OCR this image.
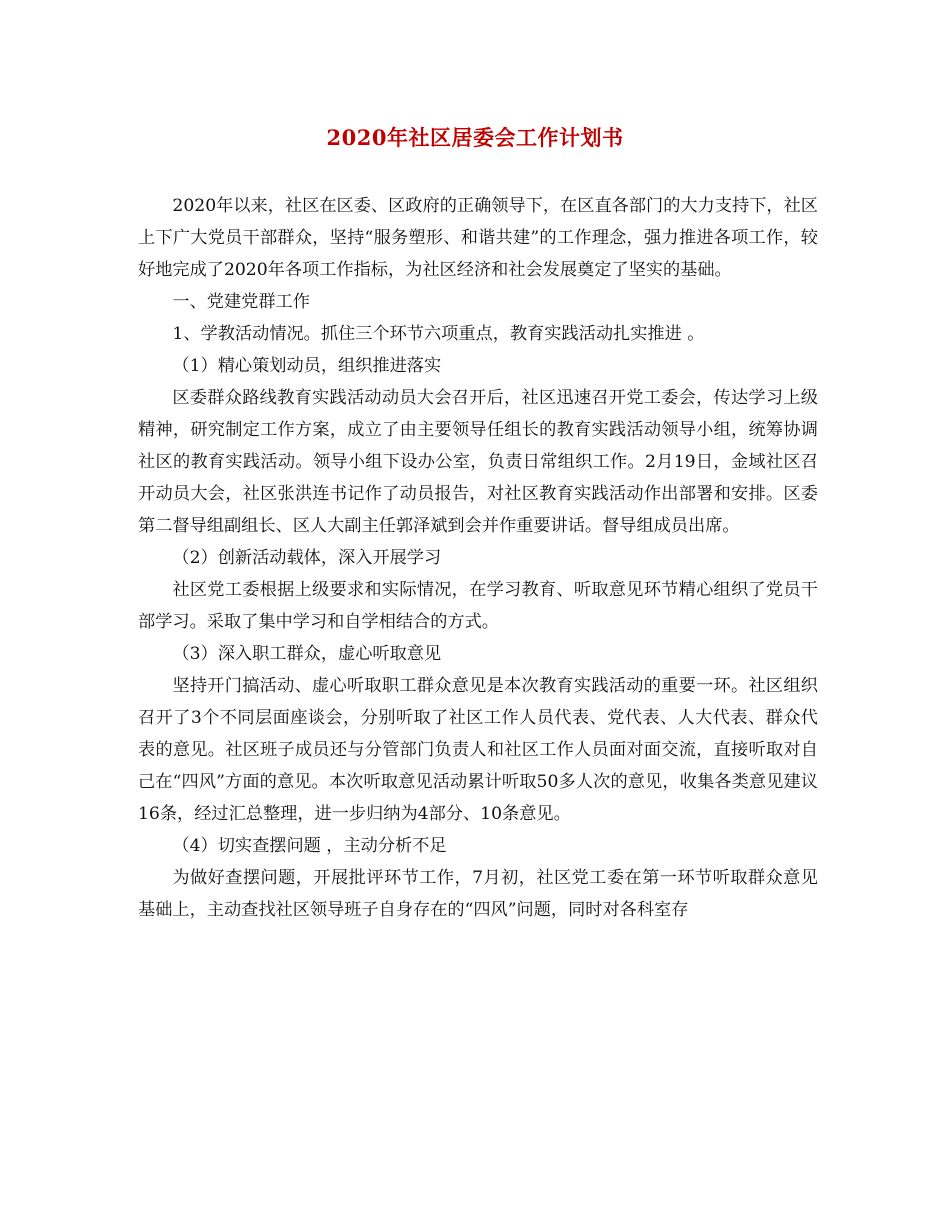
2020年社区居委会工作计划书

2020年以来，社区在区委、区政府的正确领导下，在区直各部门的大力支持下，社区上下广大党员干部群众，坚持“服务塑形、和谐共建”的工作理念，强力推进各项工作，较好地完成了2020年各项工作指标，为社区经济和社会发展奠定了坚实的基础。

一、党建党群工作

1、学教活动情况。抓住三个环节六项重点，教育实践活动扎实推进 。

（1）精心策划动员，组织推进落实

区委群众路线教育实践活动动员大会召开后，社区迅速召开党工委会，传达学习上级精神，研究制定工作方案，成立了由主要领导任组长的教育实践活动领导小组，统筹协调社区的教育实践活动。领导小组下设办公室，负责日常组织工作。2月19日，金域社区召开动员大会，社区张洪连书记作了动员报告，对社区教育实践活动作出部署和安排。区委第二督导组副组长、区人大副主任郭泽斌到会并作重要讲话。督导组成员出席。

（2）创新活动载体，深入开展学习

社区党工委根据上级要求和实际情况，在学习教育、听取意见环节精心组织了党员干部学习。采取了集中学习和自学相结合的方式。

（3）深入职工群众，虚心听取意见

坚持开门搞活动、虚心听取职工群众意见是本次教育实践活动的重要一环。社区组织召开了3个不同层面座谈会，分别听取了社区工作人员代表、党代表、人大代表、群众代表的意见。社区班子成员还与分管部门负责人和社区工作人员面对面交流，直接听取对自己在“四风”方面的意见。本次听取意见活动累计听取50多人次的意见，收集各类意见建议16条，经过汇总整理，进一步归纳为4部分、10条意见。

（4）切实查摆问题 ，主动分析不足

为做好查摆问题，开展批评环节工作，7月初，社区党工委在第一环节听取群众意见基础上，主动查找社区领导班子自身存在的“四风”问题，同时对各科室存
